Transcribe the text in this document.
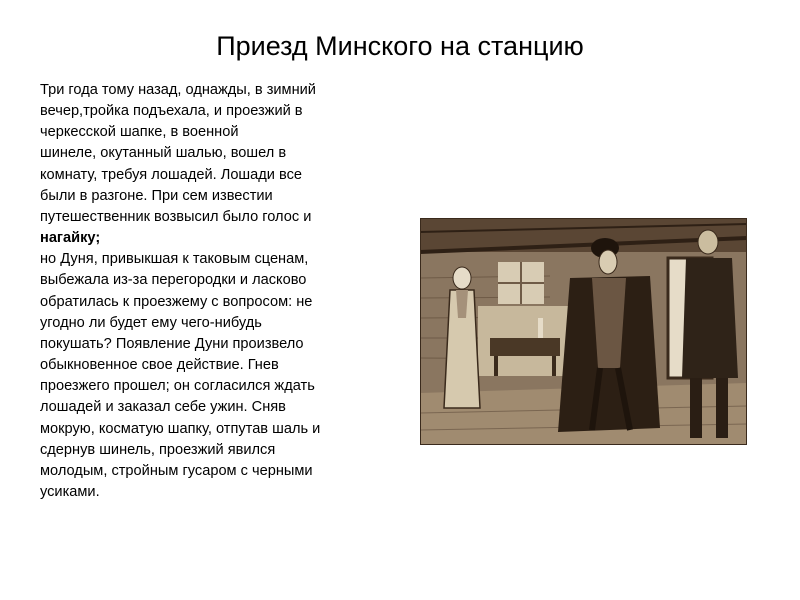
Приезд Минского на станцию
Три года тому назад, однажды, в зимний
вечер,тройка подъехала, и проезжий в
черкесской шапке, в военной
шинеле, окутанный шалью, вошел в
комнату, требуя лошадей. Лошади все
были в разгоне. При сем известии
путешественник возвысил было голос и
нагайку;
но Дуня, привыкшая к таковым сценам,
выбежала из-за перегородки и ласково
обратилась к проезжему с вопросом: не
угодно ли будет ему чего-нибудь
покушать? Появление Дуни произвело
обыкновенное свое действие. Гнев
проезжего прошел; он согласился ждать
лошадей и заказал себе ужин. Сняв
мокрую, косматую шапку, отпутав шаль и
сдернув шинель, проезжий явился
молодым, стройным гусаром с черными
усиками.
